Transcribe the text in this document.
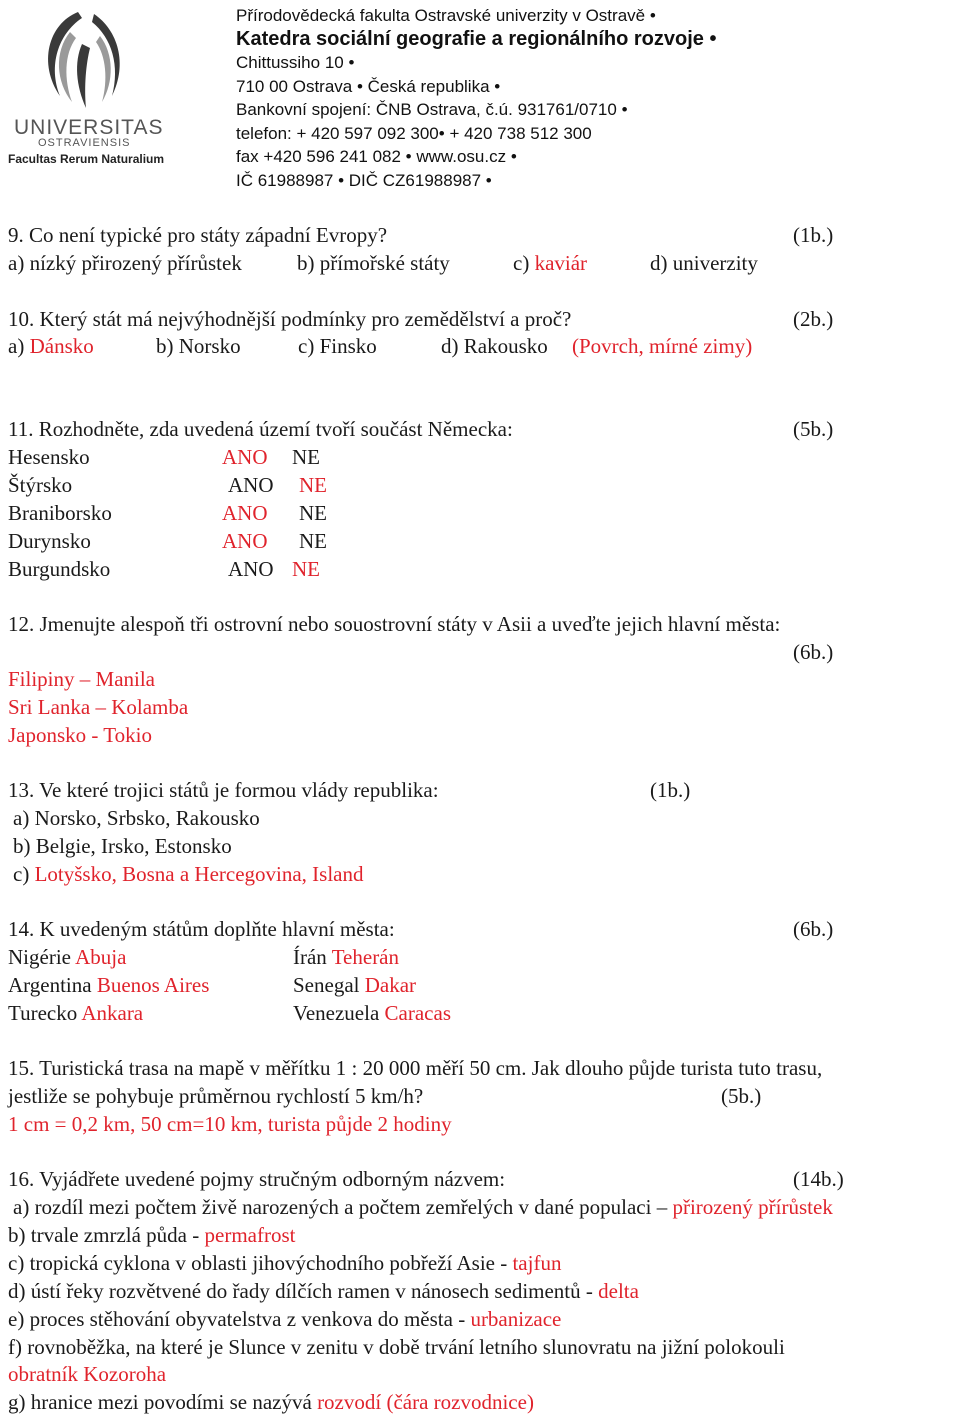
UNIVERSITAS
OSTRAVIENSIS
Facultas Rerum Naturalium
Přírodovědecká fakulta Ostravské univerzity v Ostravě •
Katedra sociální geografie a regionálního rozvoje •
Chittussiho 10 •
710 00 Ostrava • Česká republika •
Bankovní spojení: ČNB Ostrava, č.ú. 931761/0710 •
telefon: + 420 597 092 300• + 420 738 512 300
fax +420 596 241 082 • www.osu.cz •
IČ 61988987 • DIČ CZ61988987 •
9. Co není typické pro státy západní Evropy?	(1b.)
a) nízký přirozený přírůstek	b) přímořské státy	c) kaviár	d) univerzity
10. Který stát má nejvýhodnější podmínky pro zemědělství a proč?	(2b.)
a) Dánsko	b) Norsko	c) Finsko	d) Rakousko (Povrch, mírné zimy)
11. Rozhodněte, zda uvedená území tvoří součást Německa:	(5b.)
Hesensko	ANO NE
Štýrsko	ANO NE
Braniborsko	ANO NE
Durynsko	ANO NE
Burgundsko	ANO NE
12. Jmenujte alespoň tři ostrovní nebo souostrovní státy v Asii a uveďte jejich hlavní města:
(6b.)
Filipiny – Manila
Sri Lanka – Kolamba
Japonsko - Tokio
13. Ve které trojici států je formou vlády republika:	(1b.)
a) Norsko, Srbsko, Rakousko
b) Belgie, Irsko, Estonsko
c) Lotyšsko, Bosna a Hercegovina, Island
14. K uvedeným státům doplňte hlavní města:	(6b.)
Nigérie Abuja	Írán Teherán
Argentina Buenos Aires	Senegal Dakar
Turecko Ankara	Venezuela Caracas
15. Turistická trasa na mapě v měřítku 1 : 20 000 měří 50 cm. Jak dlouho půjde turista tuto trasu,
jestliže se pohybuje průměrnou rychlostí 5 km/h?	(5b.)
1 cm = 0,2 km, 50 cm=10 km, turista půjde 2 hodiny
16. Vyjádřete uvedené pojmy stručným odborným názvem:	(14b.)
a) rozdíl mezi počtem živě narozených a počtem zemřelých v dané populaci – přirozený přírůstek
b) trvale zmrzlá půda - permafrost
c) tropická cyklona v oblasti jihovýchodního pobřeží Asie - tajfun
d) ústí řeky rozvětvené do řady dílčích ramen v nánosech sedimentů - delta
e) proces stěhování obyvatelstva z venkova do města - urbanizace
f) rovnoběžka, na které je Slunce v zenitu v době trvání letního slunovratu na jižní polokouli
obratník Kozoroha
g) hranice mezi povodími se nazývá rozvodí (čára rozvodnice)
